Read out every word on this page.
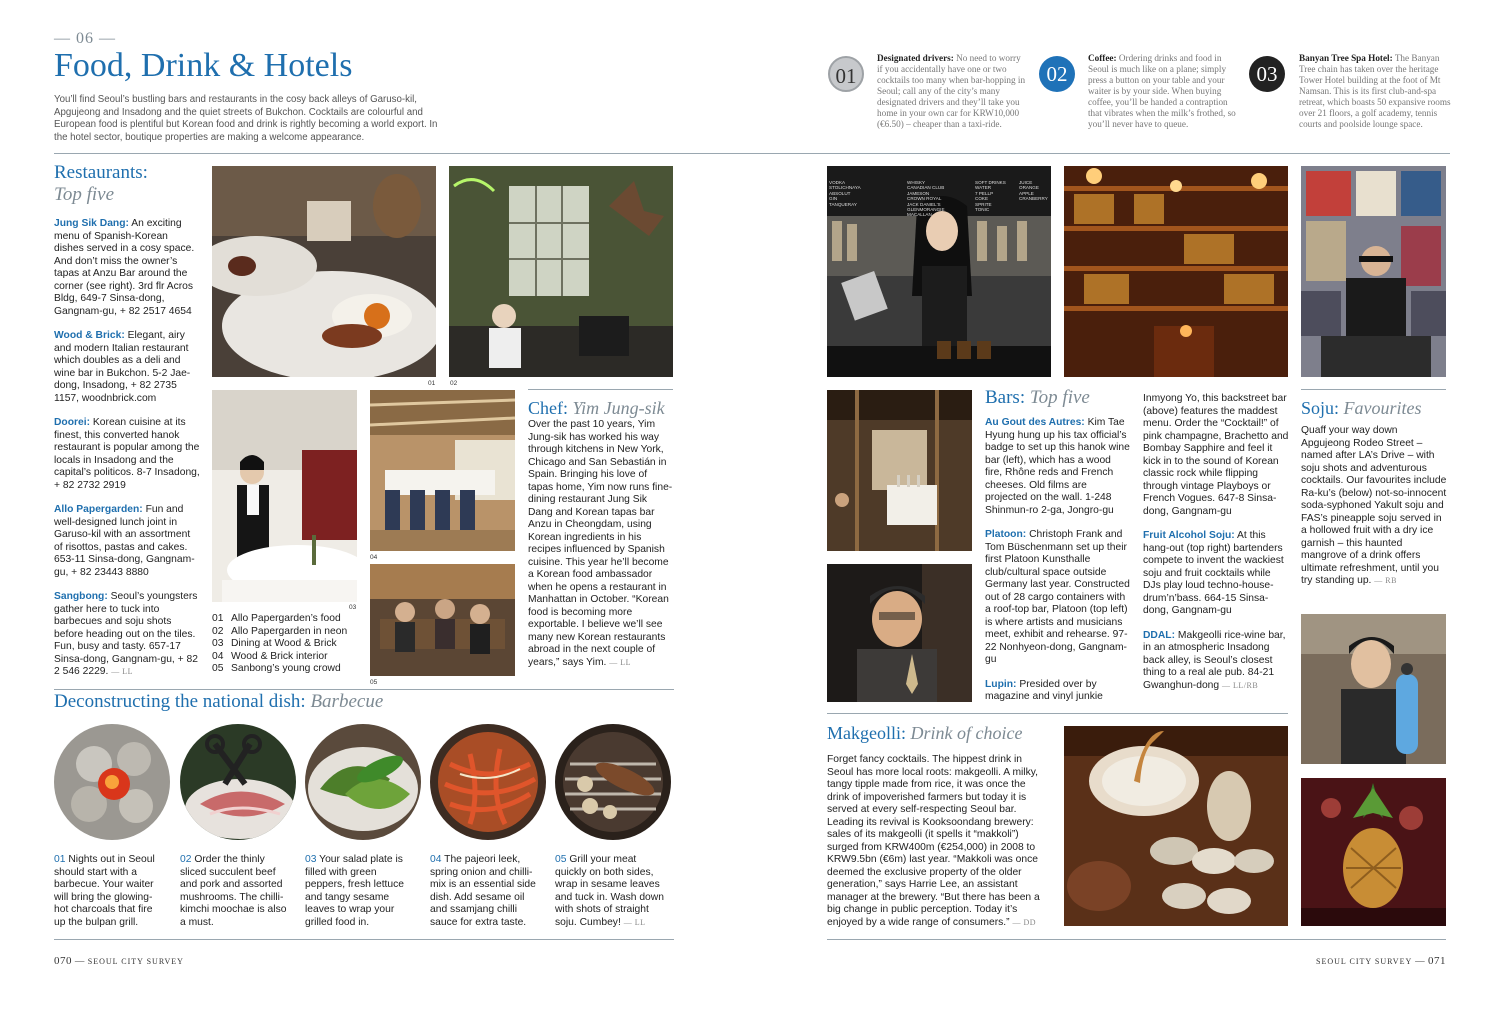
— 06 —
Food, Drink & Hotels

You’ll find Seoul’s bustling bars and restaurants in the cosy back alleys of Garuso-kil, Apgujeong and Insadong and the quiet streets of Bukchon. Cocktails are colourful and European food is plentiful but Korean food and drink is rightly becoming a world export. In the hotel sector, boutique properties are making a welcome appearance.

01
Designated drivers: No need to worry if you accidentally have one or two cocktails too many when bar-hopping in Seoul; call any of the city’s many designated drivers and they’ll take you home in your own car for KRW10,000 (€6.50) – cheaper than a taxi-ride.
02
Coffee: Ordering drinks and food in Seoul is much like on a plane; simply press a button on your table and your waiter is by your side. When buying coffee, you’ll be handed a contraption that vibrates when the milk’s frothed, so you’ll never have to queue.
03
Banyan Tree Spa Hotel: The Banyan Tree chain has taken over the heritage Tower Hotel building at the foot of Mt Namsan. This is its first club-and-spa retreat, which boasts 50 expansive rooms over 21 floors, a golf academy, tennis courts and poolside lounge space.
Restaurants:
Top five

Jung Sik Dang: An exciting menu of Spanish-Korean dishes served in a cosy space. And don’t miss the owner’s tapas at Anzu Bar around the corner (see right). 3rd flr Acros Bldg, 649-7 Sinsa-dong, Gangnam-gu, + 82 2517 4654

Wood & Brick: Elegant, airy and modern Italian restaurant which doubles as a deli and wine bar in Bukchon. 5-2 Jae-dong, Insadong, + 82 2735 1157, woodnbrick.com

Doorei: Korean cuisine at its finest, this converted hanok restaurant is popular among the locals in Insadong and the capital’s politicos. 8-7 Insadong, + 82 2732 2919

Allo Papergarden: Fun and well-designed lunch joint in Garuso-kil with an assortment of risottos, pastas and cakes. 653-11 Sinsa-dong, Gangnam-gu, + 82 23443 8880

Sangbong: Seoul’s youngsters gather here to tuck into barbecues and soju shots before heading out on the tiles. Fun, busy and tasty. 657-17 Sinsa-dong, Gangnam-gu, + 82 2 546 2229. — LL

01 02
03
04
05
01 Allo Papergarden’s food
02 Allo Papergarden in neon
03 Dining at Wood & Brick
04 Wood & Brick interior
05 Sanbong’s young crowd
Chef: Yim Jung-sik

Over the past 10 years, Yim Jung-sik has worked his way through kitchens in New York, Chicago and San Sebastián in Spain. Bringing his love of tapas home, Yim now runs fine-dining restaurant Jung Sik Dang and Korean tapas bar Anzu in Cheongdam, using Korean ingredients in his recipes influenced by Spanish cuisine. This year he’ll become a Korean food ambassador when he opens a restaurant in Manhattan in October. “Korean food is becoming more exportable. I believe we’ll see many new Korean restaurants abroad in the next couple of years,” says Yim. — LL

Deconstructing the national dish: Barbecue

01 Nights out in Seoul should start with a barbecue. Your waiter will bring the glowing-hot charcoals that fire up the bulpan grill.

02 Order the thinly sliced succulent beef and pork and assorted mushrooms. The chilli-kimchi moochae is also a must.

03 Your salad plate is filled with green peppers, fresh lettuce and tangy sesame leaves to wrap your grilled food in.

04 The pajeori leek, spring onion and chilli-mix is an essential side dish. Add sesame oil and ssamjang chilli sauce for extra taste.

05 Grill your meat quickly on both sides, wrap in sesame leaves and tuck in. Wash down with shots of straight soju. Cumbey! — LL

VODKA
STOLICHNAYA
ABSOLUT
GIN
TANQUERAY
WHISKY
CANADIAN CLUB
JAMESON
CROWN ROYAL
JACK DANIEL'S
GLENMORANGIE
MACALLAN
SOFT DRINKS
WATER
7 PELLP
COKE
SPRITE
TONIC
JUICE
ORANGE
APPLE
CRANBERRY
Bars: Top five

Au Gout des Autres: Kim Tae Hyung hung up his tax official’s badge to set up this hanok wine bar (left), which has a wood fire, Rhône reds and French cheeses. Old films are projected on the wall. 1-248 Shinmun-ro 2-ga, Jongro-gu

Platoon: Christoph Frank and Tom Büschenmann set up their first Platoon Kunsthalle club/cultural space outside Germany last year. Constructed out of 28 cargo containers with a roof-top bar, Platoon (top left) is where artists and musicians meet, exhibit and rehearse. 97-22 Nonhyeon-dong, Gangnam-gu

Lupin: Presided over by magazine and vinyl junkie

Inmyong Yo, this backstreet bar (above) features the maddest menu. Order the “Cocktail!” of pink champagne, Brachetto and Bombay Sapphire and feel it kick in to the sound of Korean classic rock while flipping through vintage Playboys or French Vogues. 647-8 Sinsa-dong, Gangnam-gu

Fruit Alcohol Soju: At this hang-out (top right) bartenders compete to invent the wackiest soju and fruit cocktails while DJs play loud techno-house-drum’n’bass. 664-15 Sinsa-dong, Gangnam-gu

DDAL: Makgeolli rice-wine bar, in an atmospheric Insadong back alley, is Seoul’s closest thing to a real ale pub. 84-21 Gwanghun-dong — LL/RB

Soju: Favourites

Quaff your way down Apgujeong Rodeo Street – named after LA’s Drive – with soju shots and adventurous cocktails. Our favourites include Ra-ku’s (below) not-so-innocent soda-syphoned Yakult soju and FAS’s pineapple soju served in a hollowed fruit with a dry ice garnish – this haunted mangrove of a drink offers ultimate refreshment, until you try standing up. — RB

Makgeolli: Drink of choice

Forget fancy cocktails. The hippest drink in Seoul has more local roots: makgeolli. A milky, tangy tipple made from rice, it was once the drink of impoverished farmers but today it is served at every self-respecting Seoul bar. Leading its revival is Kooksoondang brewery: sales of its makgeolli (it spells it “makkoli”) surged from KRW400m (€254,000) in 2008 to KRW9.5bn (€6m) last year. “Makkoli was once deemed the exclusive property of the older generation,” says Harrie Lee, an assistant manager at the brewery. “But there has been a big change in public perception. Today it’s enjoyed by a wide range of consumers.” — DD

070 — SEOUL CITY SURVEY	SEOUL CITY SURVEY — 071
